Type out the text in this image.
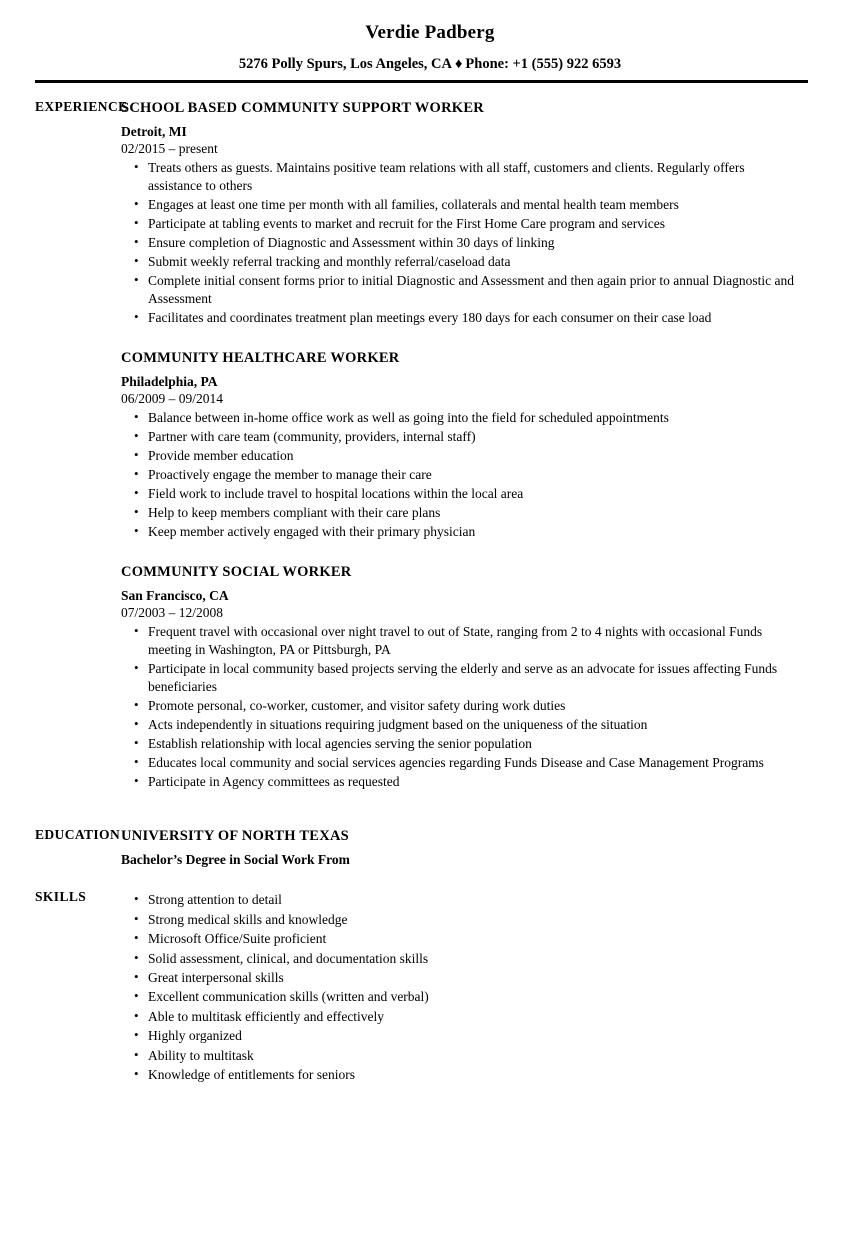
Verdie Padberg
5276 Polly Spurs, Los Angeles, CA ♦ Phone: +1 (555) 922 6593
EXPERIENCE
SCHOOL BASED COMMUNITY SUPPORT WORKER
Detroit, MI
02/2015 – present
• Treats others as guests. Maintains positive team relations with all staff, customers and clients. Regularly offers assistance to others
• Engages at least one time per month with all families, collaterals and mental health team members
• Participate at tabling events to market and recruit for the First Home Care program and services
• Ensure completion of Diagnostic and Assessment within 30 days of linking
• Submit weekly referral tracking and monthly referral/caseload data
• Complete initial consent forms prior to initial Diagnostic and Assessment and then again prior to annual Diagnostic and Assessment
• Facilitates and coordinates treatment plan meetings every 180 days for each consumer on their case load
COMMUNITY HEALTHCARE WORKER
Philadelphia, PA
06/2009 – 09/2014
• Balance between in-home office work as well as going into the field for scheduled appointments
• Partner with care team (community, providers, internal staff)
• Provide member education
• Proactively engage the member to manage their care
• Field work to include travel to hospital locations within the local area
• Help to keep members compliant with their care plans
• Keep member actively engaged with their primary physician
COMMUNITY SOCIAL WORKER
San Francisco, CA
07/2003 – 12/2008
• Frequent travel with occasional over night travel to out of State, ranging from 2 to 4 nights with occasional Funds meeting in Washington, PA or Pittsburgh, PA
• Participate in local community based projects serving the elderly and serve as an advocate for issues affecting Funds beneficiaries
• Promote personal, co-worker, customer, and visitor safety during work duties
• Acts independently in situations requiring judgment based on the uniqueness of the situation
• Establish relationship with local agencies serving the senior population
• Educates local community and social services agencies regarding Funds Disease and Case Management Programs
• Participate in Agency committees as requested
EDUCATION UNIVERSITY OF NORTH TEXAS
Bachelor’s Degree in Social Work From
SKILLS	• Strong attention to detail
• Strong medical skills and knowledge
• Microsoft Office/Suite proficient
• Solid assessment, clinical, and documentation skills
• Great interpersonal skills
• Excellent communication skills (written and verbal)
• Able to multitask efficiently and effectively
• Highly organized
• Ability to multitask
• Knowledge of entitlements for seniors
